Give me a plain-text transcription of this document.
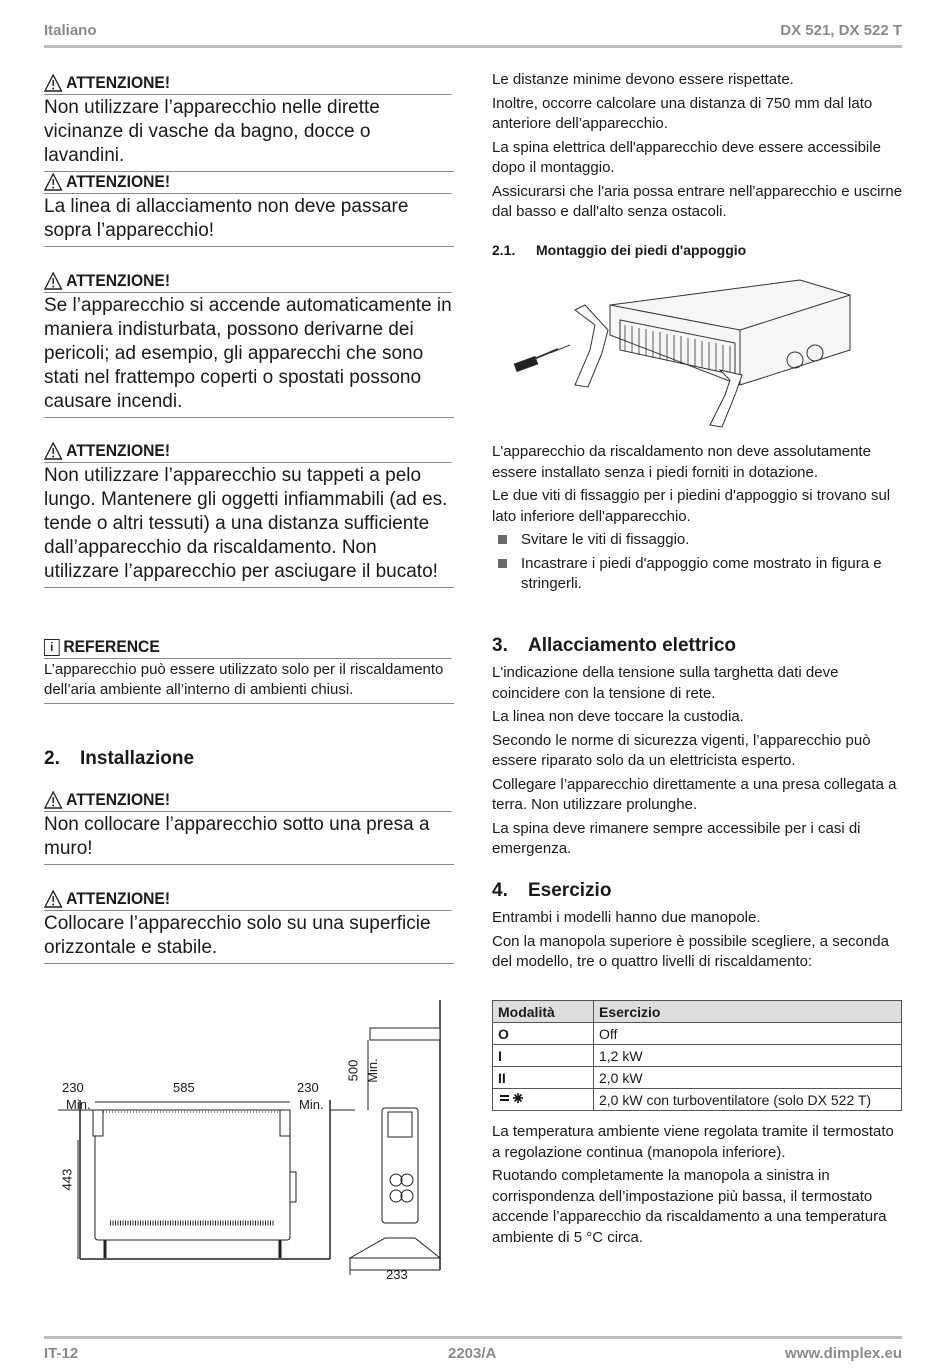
Italiano	DX 521, DX 522 T
ATTENZIONE!
Non utilizzare l’apparecchio nelle dirette vicinanze di vasche da bagno, docce o lavandini.
ATTENZIONE!
La linea di allacciamento non deve passare sopra l’apparecchio!
ATTENZIONE!
Se l’apparecchio si accende automaticamente in maniera indisturbata, possono derivarne dei pericoli; ad esempio, gli apparecchi che sono stati nel frattempo coperti o spostati possono causare incendi.
ATTENZIONE!
Non utilizzare l’apparecchio su tappeti a pelo lungo. Mantenere gli oggetti infiammabili (ad es. tende o altri tessuti) a una distanza sufficiente dall’apparecchio da riscaldamento. Non utilizzare l’apparecchio per asciugare il bucato!
i REFERENCE
L’apparecchio può essere utilizzato solo per il riscaldamento dell’aria ambiente all’interno di ambienti chiusi.
2. Installazione
ATTENZIONE!
Non collocare l’apparecchio sotto una presa a muro!
ATTENZIONE!
Collocare l’apparecchio solo su una superficie orizzontale e stabile.
230
Min.
585	230
Min.
443
500 Min.
233
Le distanze minime devono essere rispettate.
Inoltre, occorre calcolare una distanza di 750 mm dal lato anteriore dell’apparecchio.
La spina elettrica dell'apparecchio deve essere accessibile dopo il montaggio.
Assicurarsi che l'aria possa entrare nell'apparecchio e uscirne dal basso e dall'alto senza ostacoli.
2.1. Montaggio dei piedi d'appoggio
L'apparecchio da riscaldamento non deve assolutamente essere installato senza i piedi forniti in dotazione.
Le due viti di fissaggio per i piedini d'appoggio si trovano sul lato inferiore dell'apparecchio.
Svitare le viti di fissaggio.
Incastrare i piedi d'appoggio come mostrato in figura e stringerli.
3. Allacciamento elettrico
L'indicazione della tensione sulla targhetta dati deve coincidere con la tensione di rete.
La linea non deve toccare la custodia.
Secondo le norme di sicurezza vigenti, l’apparecchio può essere riparato solo da un elettricista esperto.
Collegare l’apparecchio direttamente a una presa collegata a terra. Non utilizzare prolunghe.
La spina deve rimanere sempre accessibile per i casi di emergenza.
4. Esercizio
Entrambi i modelli hanno due manopole.
Con la manopola superiore è possibile scegliere, a seconda del modello, tre o quattro livelli di riscaldamento:
Modalità	Esercizio
O	Off
I	1,2 kW
II	2,0 kW
	2,0 kW con turboventilatore (solo DX 522 T)
La temperatura ambiente viene regolata tramite il termostato a regolazione continua (manopola inferiore).
Ruotando completamente la manopola a sinistra in corrispondenza dell’impostazione più bassa, il termostato accende l’apparecchio da riscaldamento a una temperatura ambiente di 5 °C circa.
IT-12	2203/A	www.dimplex.eu
